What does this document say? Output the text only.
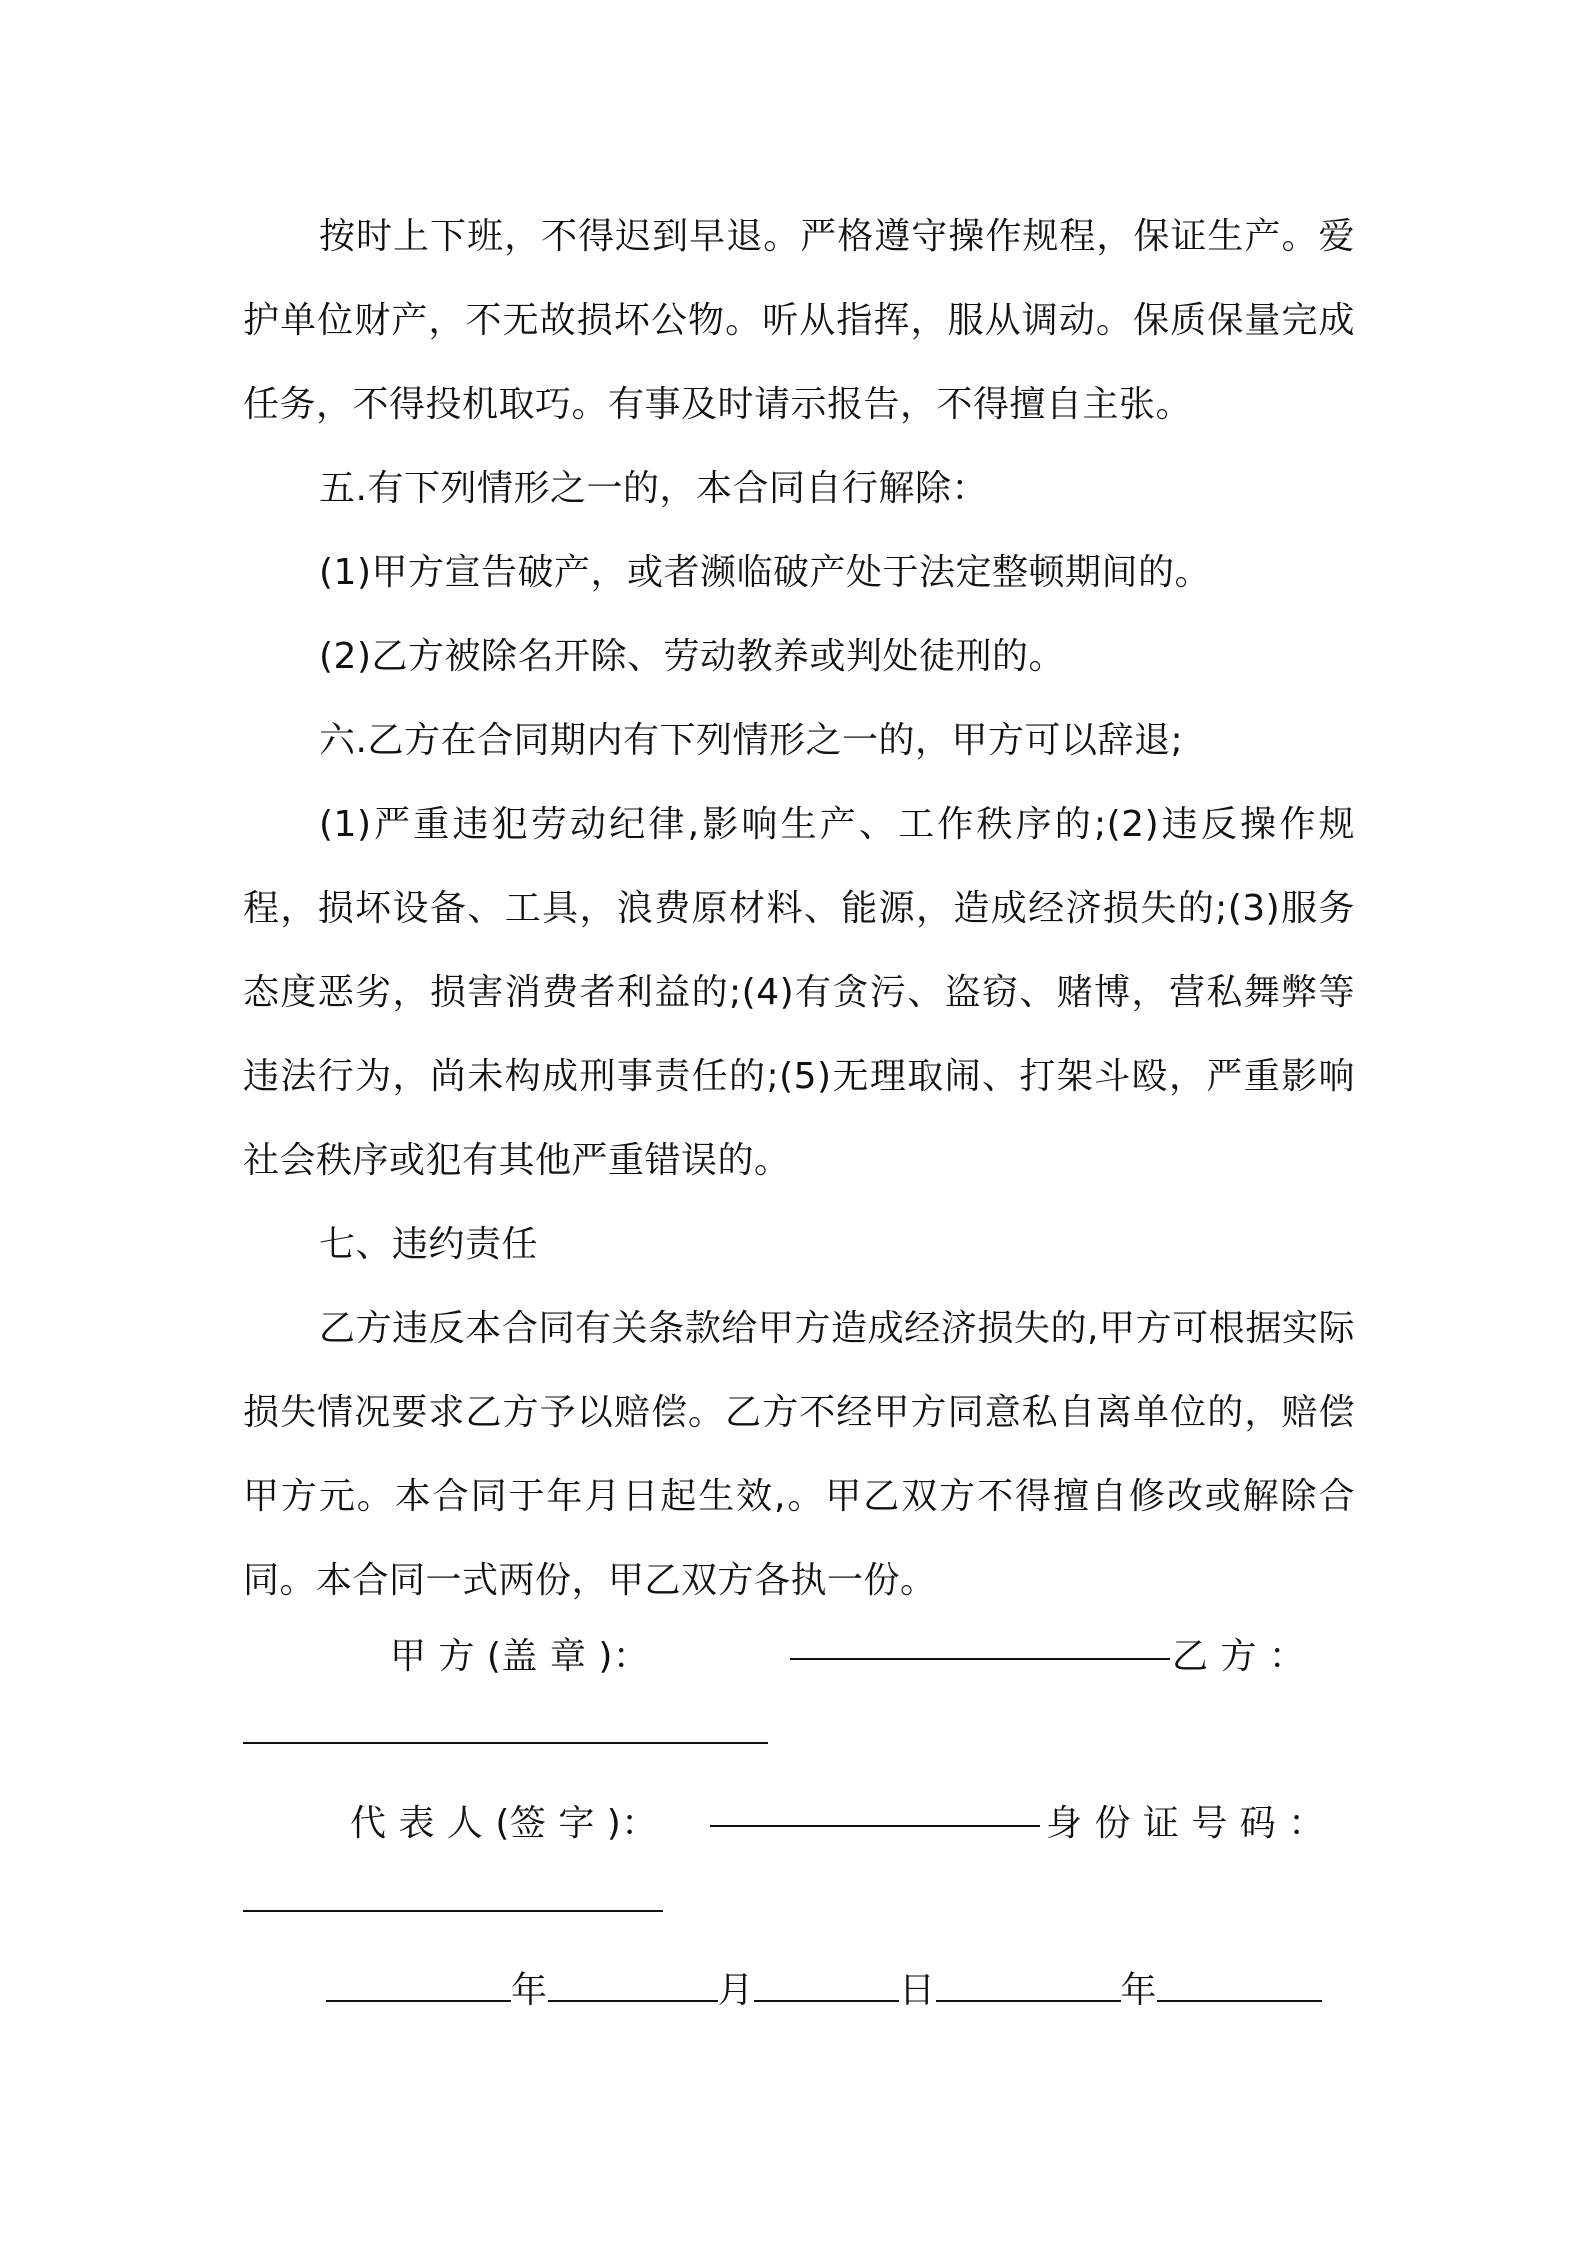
按时上下班，不得迟到早退。严格遵守操作规程，保证生产。爱护单位财产，不无故损坏公物。听从指挥，服从调动。保质保量完成任务，不得投机取巧。有事及时请示报告，不得擅自主张。

五.有下列情形之一的，本合同自行解除：

(1)甲方宣告破产，或者濒临破产处于法定整顿期间的。

(2)乙方被除名开除、劳动教养或判处徒刑的。

六.乙方在合同期内有下列情形之一的，甲方可以辞退;

(1)严重违犯劳动纪律,影响生产、工作秩序的;(2)违反操作规程，损坏设备、工具，浪费原材料、能源，造成经济损失的;(3)服务态度恶劣，损害消费者利益的;(4)有贪污、盗窃、赌博，营私舞弊等违法行为，尚未构成刑事责任的;(5)无理取闹、打架斗殴，严重影响社会秩序或犯有其他严重错误的。

七、违约责任

乙方违反本合同有关条款给甲方造成经济损失的,甲方可根据实际损失情况要求乙方予以赔偿。乙方不经甲方同意私自离单位的，赔偿甲方元。本合同于年月日起生效,。甲乙双方不得擅自修改或解除合同。本合同一式两份，甲乙双方各执一份。

甲 方 (盖 章 )：	乙 方 ：
代 表 人 (签 字 )：	身 份 证 号 码 ：
年	月	日	年
